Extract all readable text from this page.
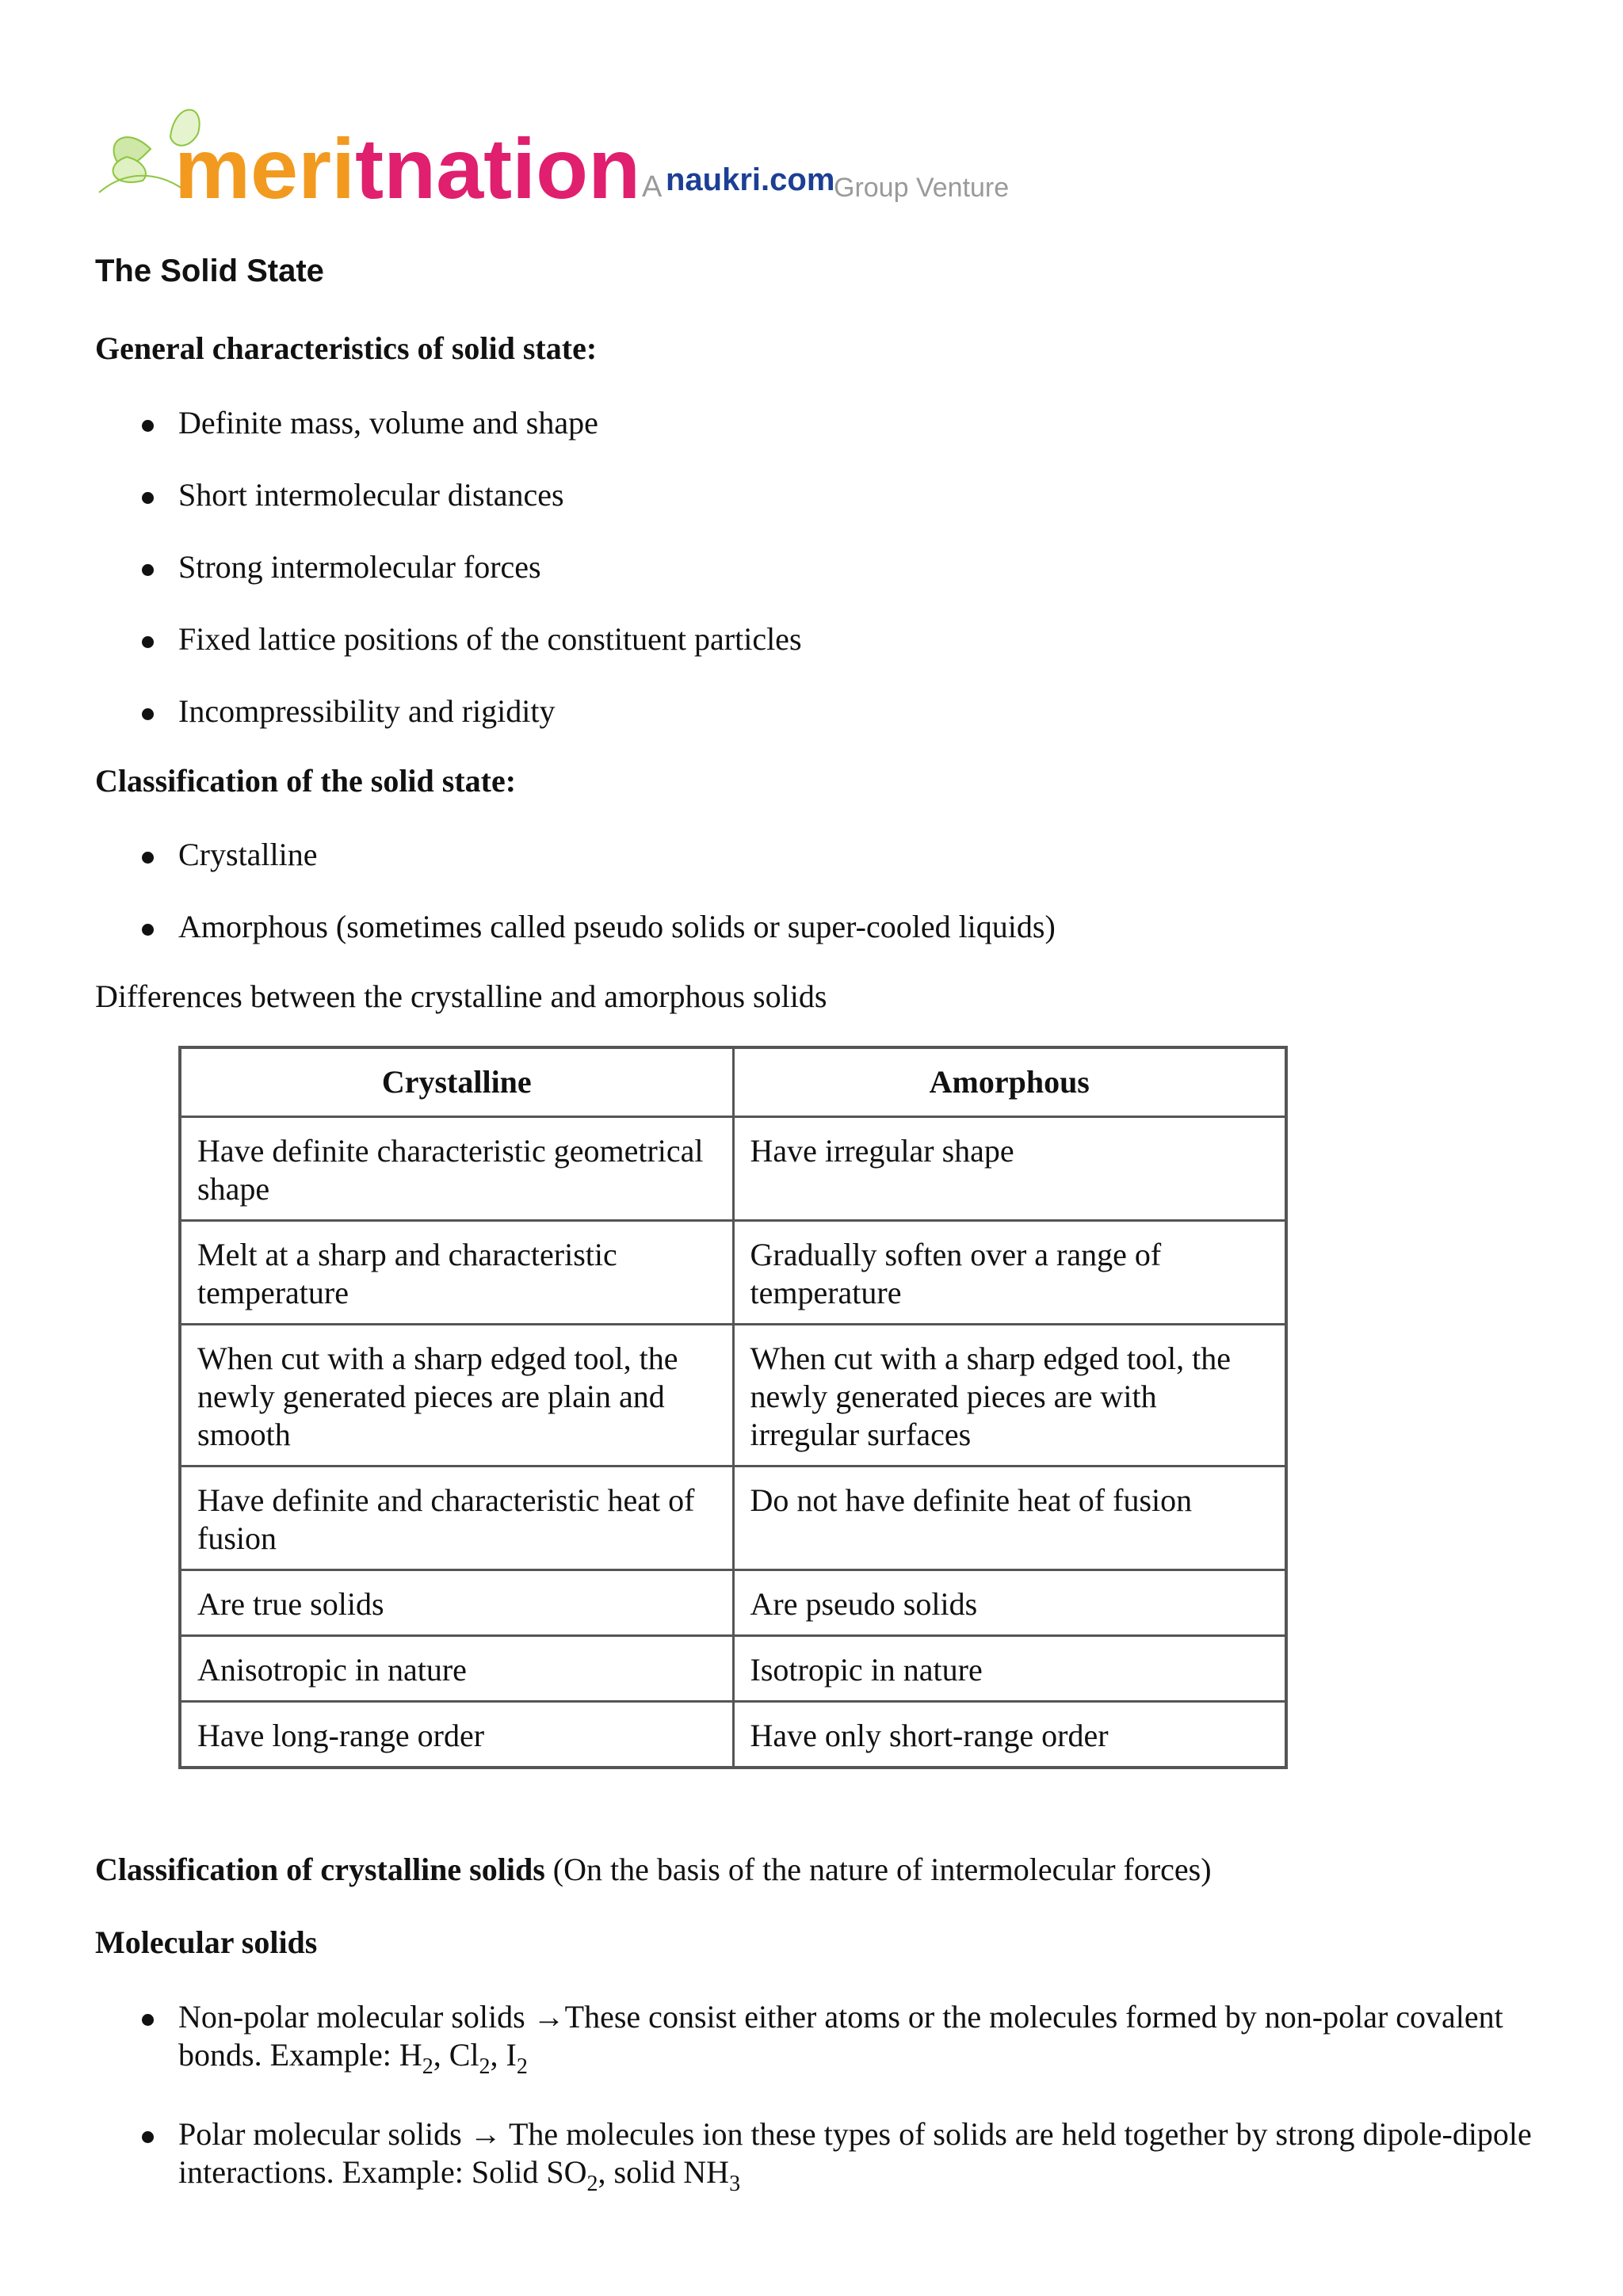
meri tnation A naukri.com
Group Venture
The Solid State

General characteristics of solid state:

Definite mass, volume and shape
Short intermolecular distances
Strong intermolecular forces
Fixed lattice positions of the constituent particles
Incompressibility and rigidity

Classification of the solid state:

Crystalline
Amorphous (sometimes called pseudo solids or super-cooled liquids)

Differences between the crystalline and amorphous solids

Crystalline	Amorphous
Have definite characteristic geometrical shape	Have irregular shape
Melt at a sharp and characteristic temperature	Gradually soften over a range of temperature
When cut with a sharp edged tool, the newly generated pieces are plain and smooth	When cut with a sharp edged tool, the newly generated pieces are with irregular surfaces
Have definite and characteristic heat of fusion	Do not have definite heat of fusion
Are true solids	Are pseudo solids
Anisotropic in nature	Isotropic in nature
Have long-range order	Have only short-range order

Classification of crystalline solids (On the basis of the nature of intermolecular forces)

Molecular solids

Non-polar molecular solids →These consist either atoms or the molecules formed by non-polar covalent bonds. Example: $H_2$, $Cl_2$, $I_2$
Polar molecular solids → The molecules ion these types of solids are held together by strong dipole-dipole interactions. Example: Solid $SO_2$, solid $NH_3$
